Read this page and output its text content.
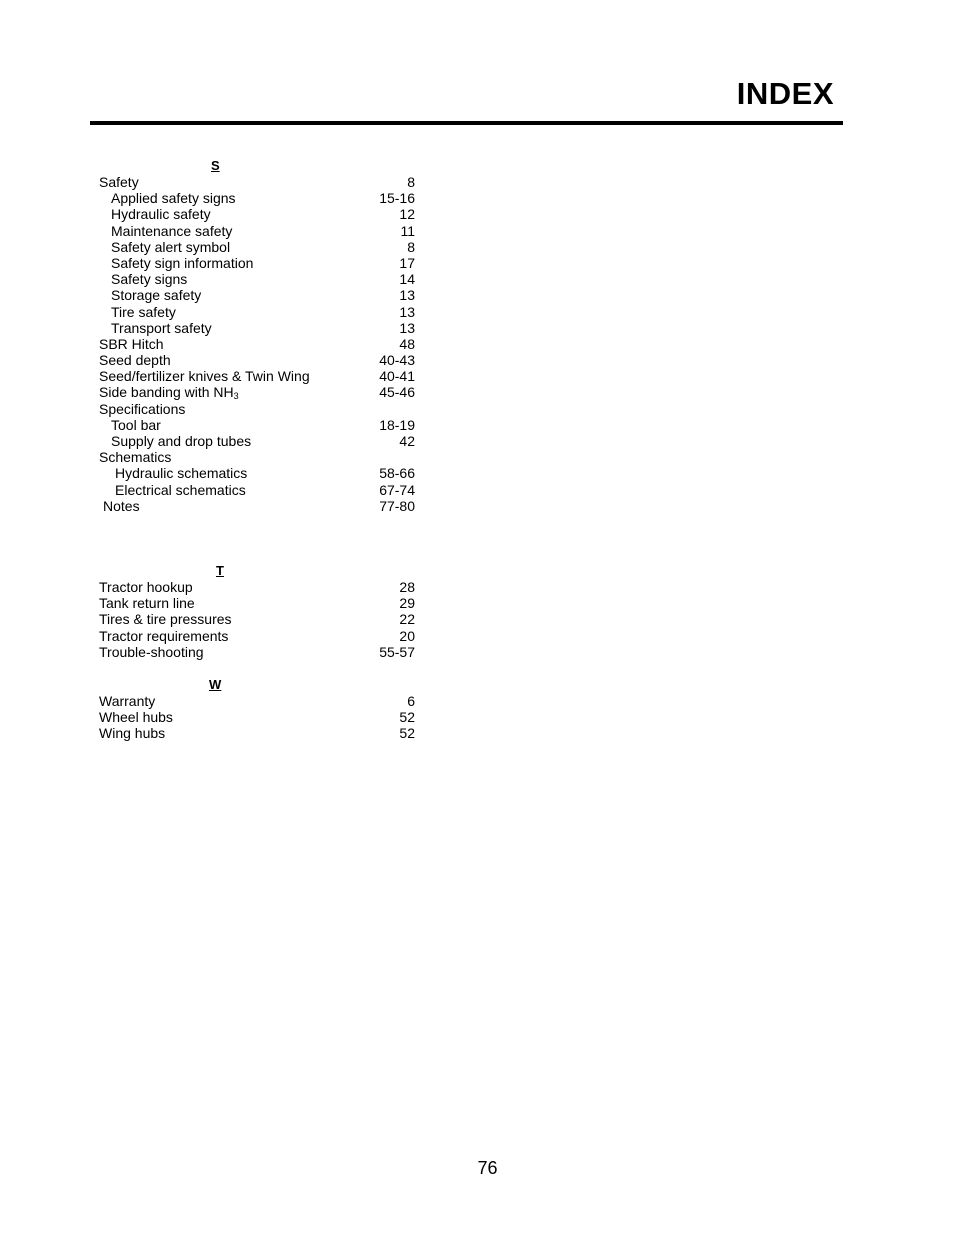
INDEX
S
Safety	8
Applied safety signs	15-16
Hydraulic safety	12
Maintenance safety	11
Safety alert symbol	8
Safety sign information	17
Safety signs	14
Storage safety	13
Tire safety	13
Transport safety	13
SBR Hitch	48
Seed depth	40-43
Seed/fertilizer knives & Twin Wing	40-41
Side banding with $NH_3$	45-46
Specifications
Tool bar	18-19
Supply and drop tubes	42
Schematics
Hydraulic schematics	58-66
Electrical schematics	67-74
Notes	77-80
T
Tractor hookup	28
Tank return line	29
Tires & tire pressures	22
Tractor requirements	20
Trouble-shooting	55-57
W
Warranty	6
Wheel hubs	52
Wing hubs	52
76
